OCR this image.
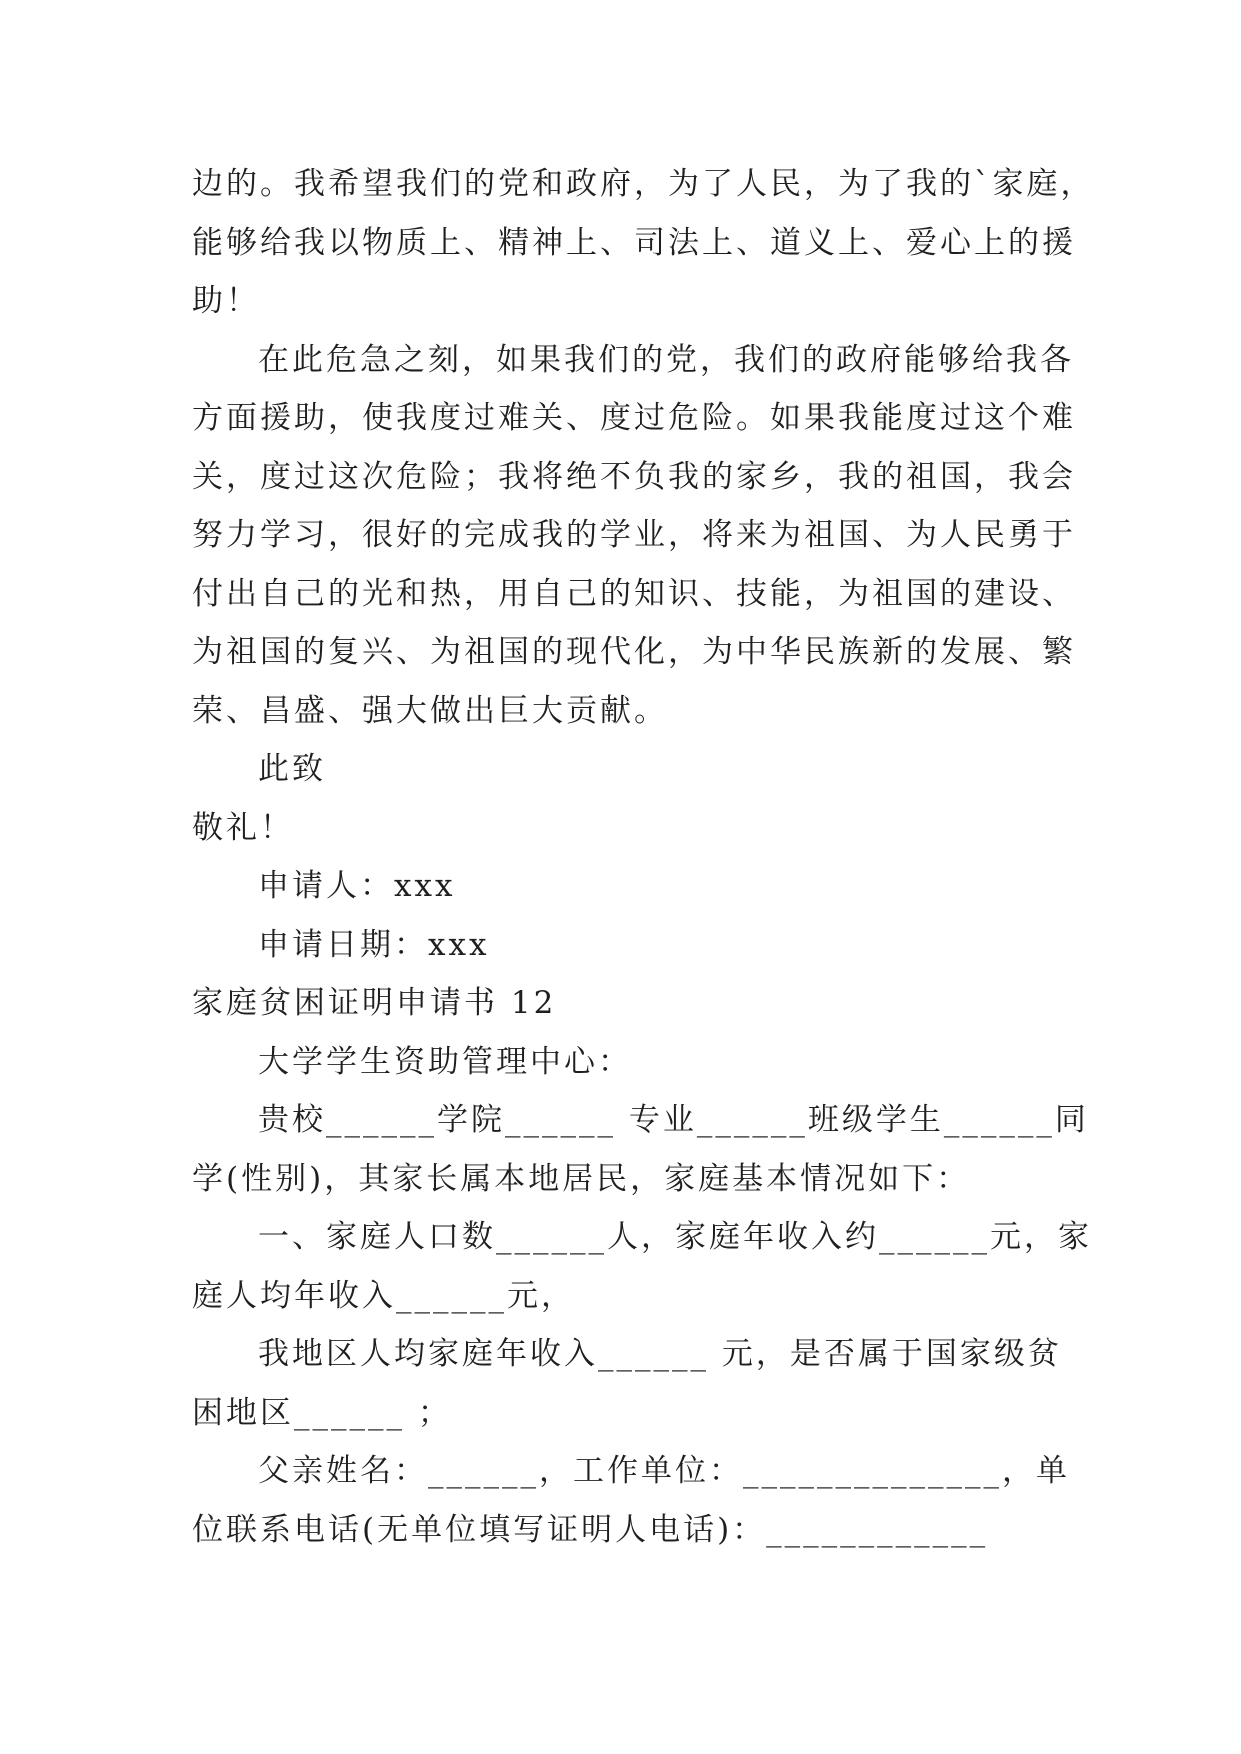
边的。我希望我们的党和政府，为了人民，为了我的`家庭，
能够给我以物质上、精神上、司法上、道义上、爱心上的援
助！
在此危急之刻，如果我们的党，我们的政府能够给我各
方面援助，使我度过难关、度过危险。如果我能度过这个难
关，度过这次危险；我将绝不负我的家乡，我的祖国，我会
努力学习，很好的完成我的学业，将来为祖国、为人民勇于
付出自己的光和热，用自己的知识、技能，为祖国的建设、
为祖国的复兴、为祖国的现代化，为中华民族新的发展、繁
荣、昌盛、强大做出巨大贡献。
此致
敬礼！
申请人：xxx
申请日期：xxx
家庭贫困证明申请书 12
大学学生资助管理中心：
贵校______学院______ 专业______班级学生______同
学(性别)，其家长属本地居民，家庭基本情况如下：
一、家庭人口数______人，家庭年收入约______元，家
庭人均年收入______元，
我地区人均家庭年收入______ 元，是否属于国家级贫
困地区______ ；
父亲姓名：______，工作单位：______________，单
位联系电话(无单位填写证明人电话)：____________
